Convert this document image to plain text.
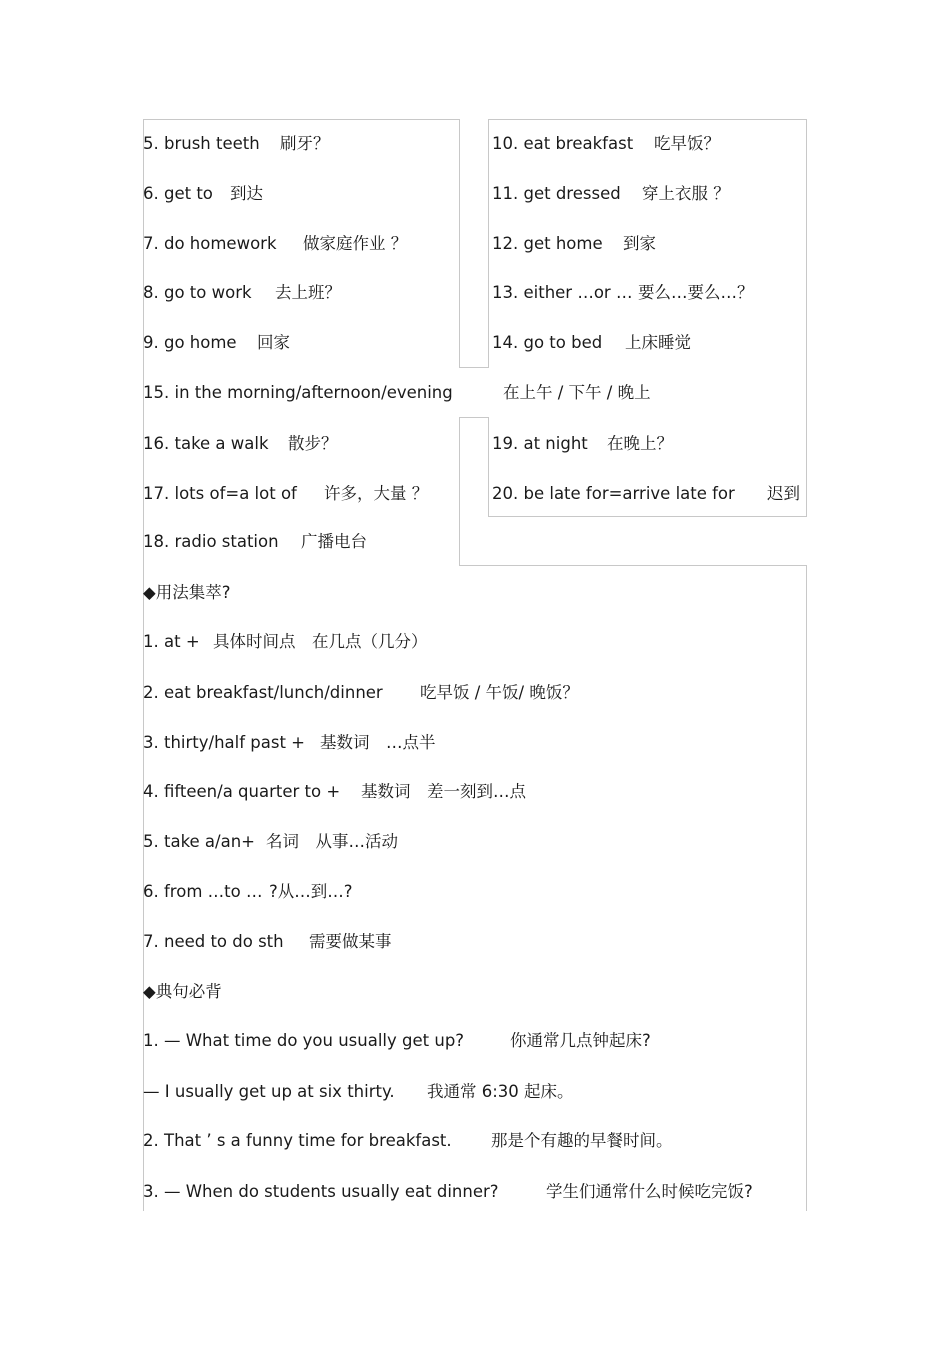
5. brush teeth 刷牙？
6. get to 到达
7. do homework 做家庭作业 ？
8. go to work 去上班？
9. go home 回家
10. eat breakfast 吃早饭？
11. get dressed 穿上衣服 ？
12. get home 到家
13. either …or … 要么…要么…？
14. go to bed 上床睡觉
15. in the morning/afternoon/evening	在上午 / 下午 / 晚上
16. take a walk 散步？
17. lots of=a lot of 许多，大量 ？
18. radio station 广播电台
19. at night 在晚上？
20. be late for=arrive late for 迟到
◆用法集萃?
1. at + 具体时间点　在几点（几分）
2. eat breakfast/lunch/dinner 吃早饭 / 午饭/ 晚饭？
3. thirty/half past + 基数词　…点半
4. fifteen/a quarter to + 基数词　差一刻到…点
5. take a/an+ 名词　从事…活动
6. from …to … ?从…到…?
7. need to do sth 需要做某事
◆典句必背
1. — What time do you usually get up?	你通常几点钟起床?
— I usually get up at six thirty. 我通常 6:30 起床。
2. That ’ s a funny time for breakfast. 那是个有趣的早餐时间。
3. — When do students usually eat dinner?	学生们通常什么时候吃完饭?
